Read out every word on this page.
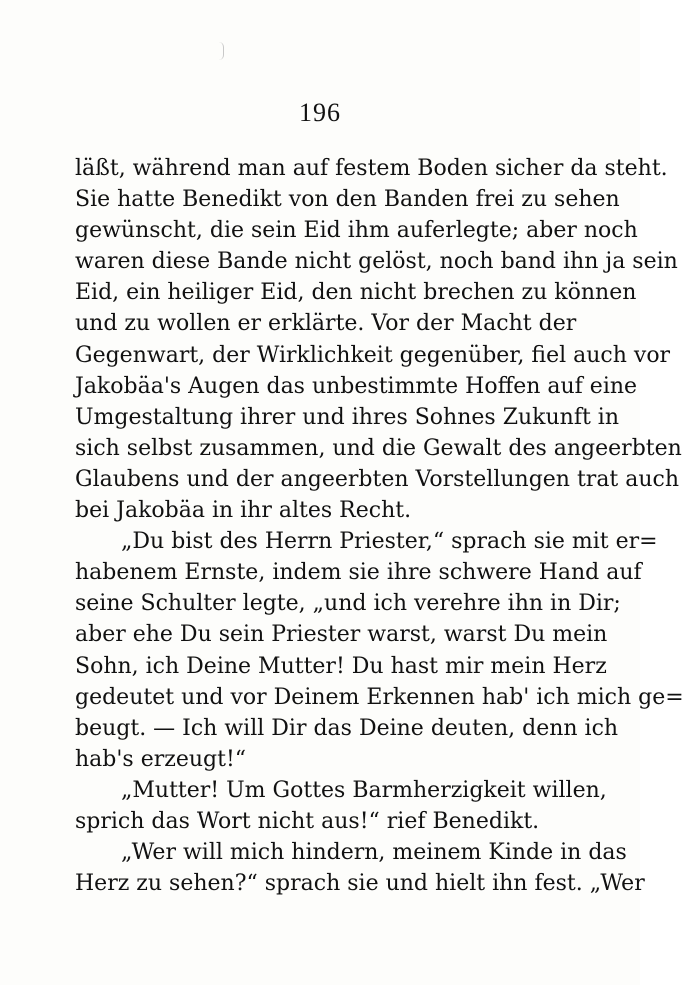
196
läßt, während man auf festem Boden sicher da steht.
Sie hatte Benedikt von den Banden frei zu sehen
gewünscht, die sein Eid ihm auferlegte; aber noch
waren diese Bande nicht gelöst, noch band ihn ja sein
Eid, ein heiliger Eid, den nicht brechen zu können
und zu wollen er erklärte. Vor der Macht der
Gegenwart, der Wirklichkeit gegenüber, fiel auch vor
Jakobäa's Augen das unbestimmte Hoffen auf eine
Umgestaltung ihrer und ihres Sohnes Zukunft in
sich selbst zusammen, und die Gewalt des angeerbten
Glaubens und der angeerbten Vorstellungen trat auch
bei Jakobäa in ihr altes Recht.
„Du bist des Herrn Priester,“ sprach sie mit er=
habenem Ernste, indem sie ihre schwere Hand auf
seine Schulter legte, „und ich verehre ihn in Dir;
aber ehe Du sein Priester warst, warst Du mein
Sohn, ich Deine Mutter! Du hast mir mein Herz
gedeutet und vor Deinem Erkennen hab' ich mich ge=
beugt. — Ich will Dir das Deine deuten, denn ich
hab's erzeugt!“
„Mutter! Um Gottes Barmherzigkeit willen,
sprich das Wort nicht aus!“ rief Benedikt.
„Wer will mich hindern, meinem Kinde in das
Herz zu sehen?“ sprach sie und hielt ihn fest. „Wer
